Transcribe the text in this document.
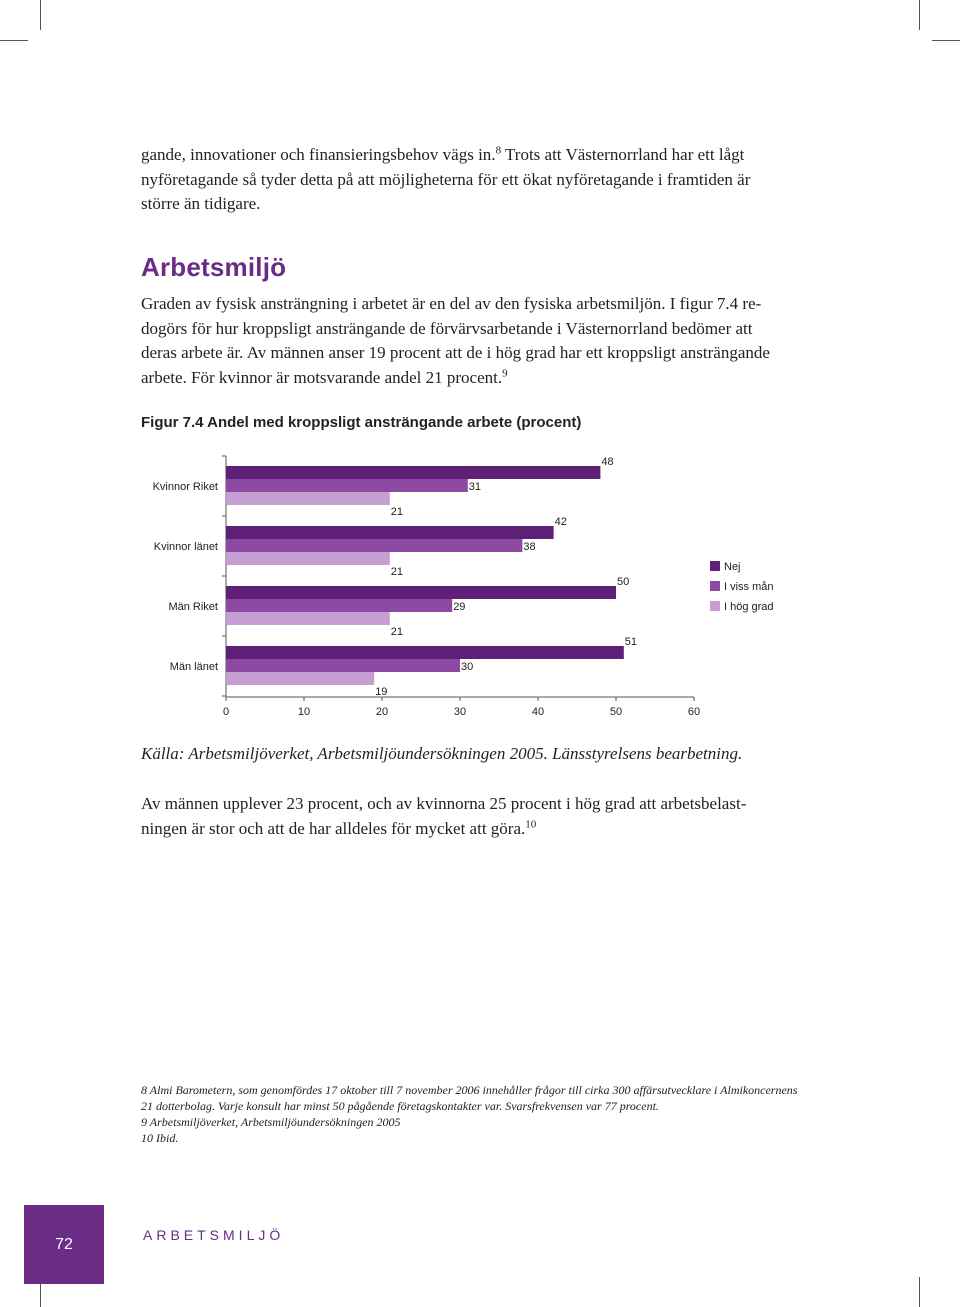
gande, innovationer och finansieringsbehov vägs in.$^8$ Trots att Västernorrland har ett lågt
nyföretagande så tyder detta på att möjligheterna för ett ökat nyföretagande i framtiden är
större än tidigare.

Arbetsmiljö

Graden av fysisk ansträngning i arbetet är en del av den fysiska arbetsmiljön. I figur 7.4 re-
dogörs för hur kroppsligt ansträngande de förvärvsarbetande i Västernorrland bedömer att
deras arbete är. Av männen anser 19 procent att de i hög grad har ett kroppsligt ansträngande
arbete. För kvinnor är motsvarande andel 21 procent.$^9$

Figur 7.4 Andel med kroppsligt ansträngande arbete (procent)
0	10	20	30	40	50	60
Kvinnor Riket
48
31
21
Kvinnor länet
42
38
21
Män Riket
50
29
21
Män länet
51
30
19
Nej
I viss mån
I hög grad

Källa: Arbetsmiljöverket, Arbetsmiljöundersökningen 2005. Länsstyrelsens bearbetning.

Av männen upplever 23 procent, och av kvinnorna 25 procent i hög grad att arbetsbelast-
ningen är stor och att de har alldeles för mycket att göra.$^{10}$

8 Almi Barometern, som genomfördes 17 oktober till 7 november 2006 innehåller frågor till cirka 300 affärsutvecklare i Almikoncernens

21 dotterbolag. Varje konsult har minst 50 pågående företagskontakter var. Svarsfrekvensen var 77 procent.

9 Arbetsmiljöverket, Arbetsmiljöundersökningen 2005

10 Ibid.

72
ARBETSMILJÖ
